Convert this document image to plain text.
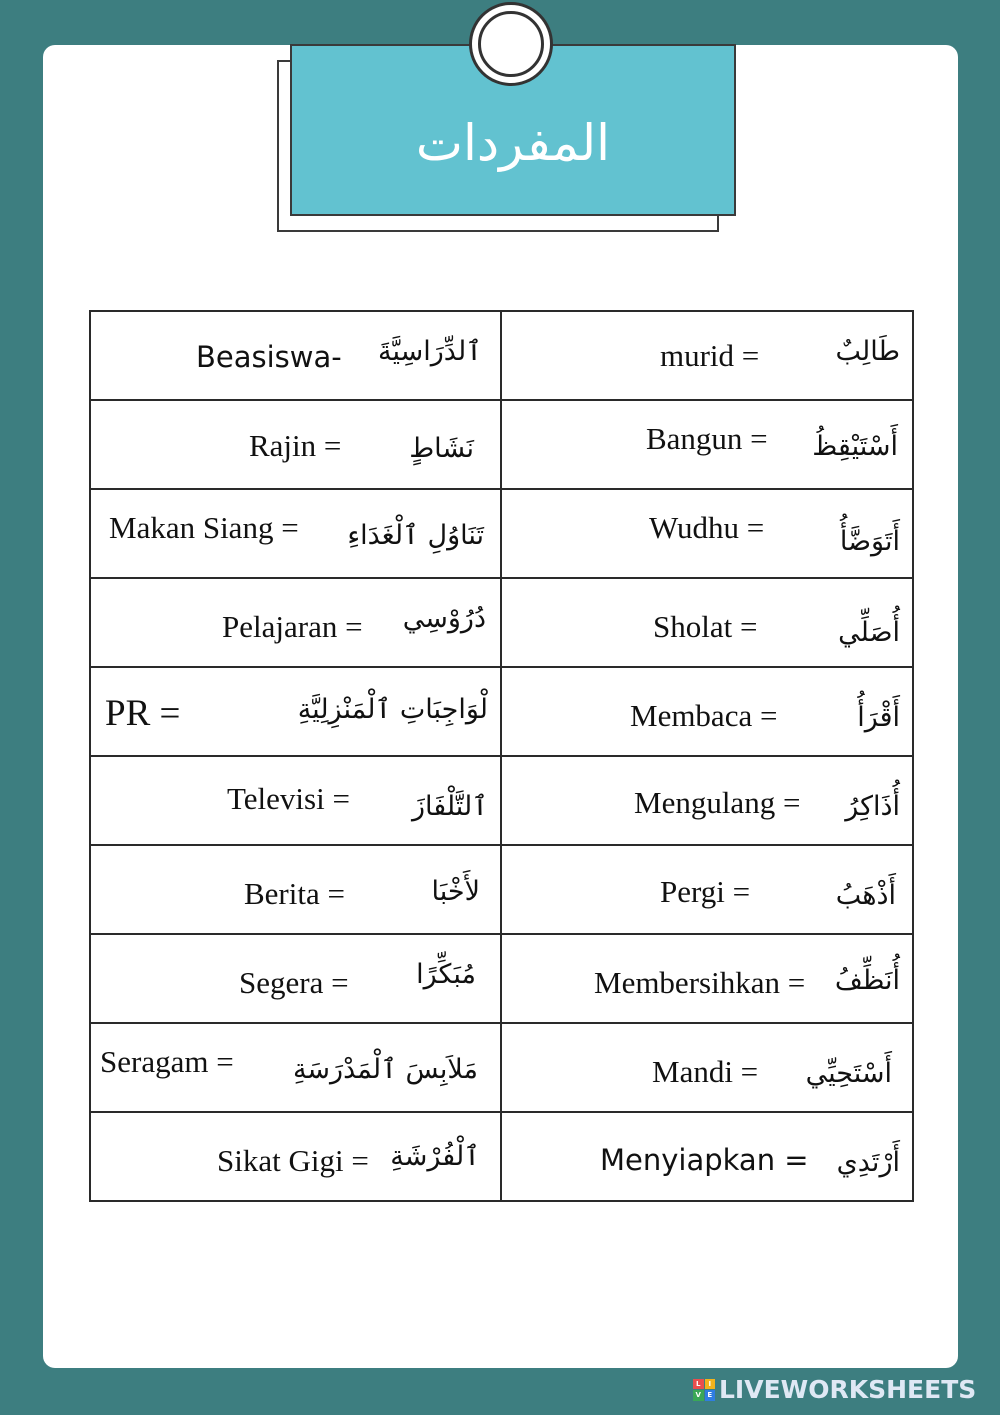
المفردات
Beasiswa- ٱلدِّرَاسِيَّةَ	murid = طَالِبٌ

Rajin = نَشَاطٍ	Bangun = أَسْتَيْقِظُ

Makan Siang = تَنَاوُلِ ٱلْغَدَاءِ	Wudhu = أَتَوَضَّأُ

Pelajaran = دُرُوْسِي	Sholat = أُصَلِّي

PR = لْوَاجِبَاتِ ٱلْمَنْزِلِيَّةِ	Membaca = أَقْرَأُ

Televisi = ٱلتَّلْفَازَ	Mengulang = أُذَاكِرُ

Berita = لأَخْبَا	Pergi = أَذْهَبُ

Segera = مُبَكِّرًا	Membersihkan = أُنَظِّفُ

Seragam = مَلاَبِسَ ٱلْمَدْرَسَةِ	Mandi = أَسْتَحِيِّي

Sikat Gigi = ٱلْفُرْشَةِ	Menyiapkan = أَرْتَدِي
L	I
V E LIVEWORKSHEETS
